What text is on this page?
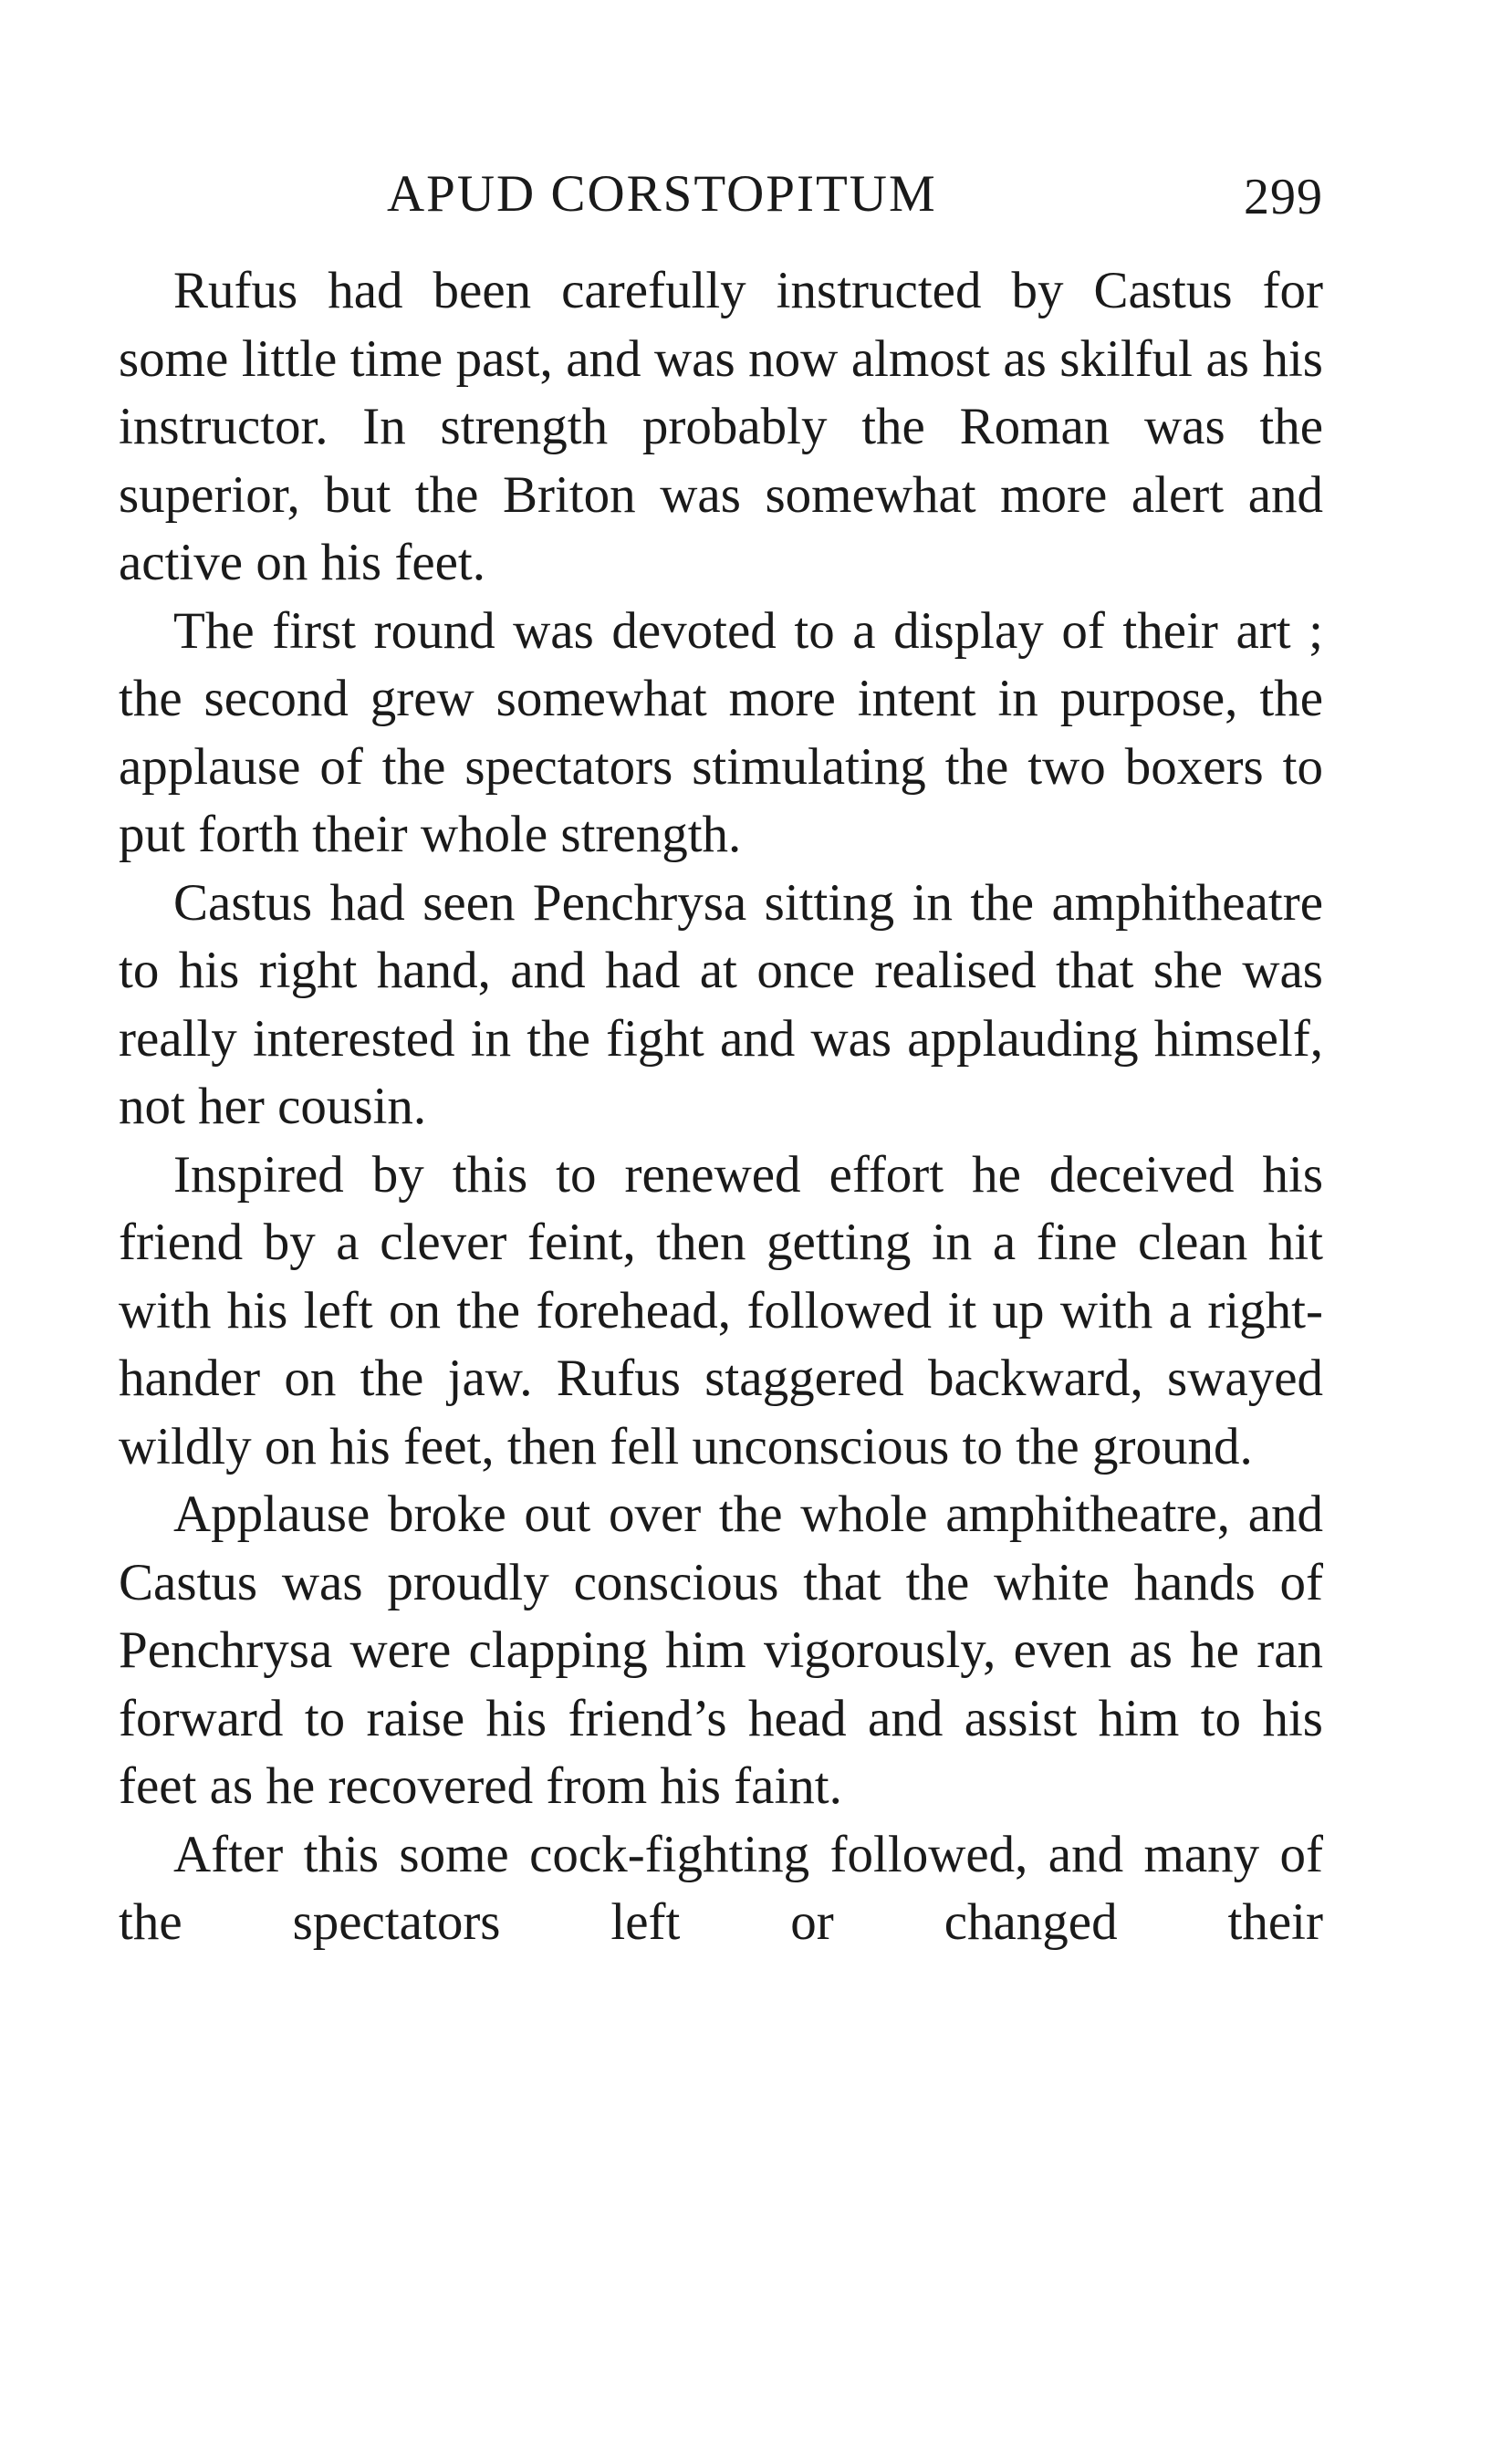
APUD CORSTOPITUM	299

Rufus had been carefully instructed by Castus for some little time past, and was now almost as skilful as his instructor. In strength probably the Roman was the superior, but the Briton was somewhat more alert and active on his feet.

The first round was devoted to a display of their art ; the second grew somewhat more intent in purpose, the applause of the spectators stimulating the two boxers to put forth their whole strength.

Castus had seen Penchrysa sitting in the amphitheatre to his right hand, and had at once realised that she was really interested in the fight and was applauding himself, not her cousin.

Inspired by this to renewed effort he deceived his friend by a clever feint, then getting in a fine clean hit with his left on the forehead, followed it up with a right-hander on the jaw. Rufus staggered backward, swayed wildly on his feet, then fell unconscious to the ground.

Applause broke out over the whole amphitheatre, and Castus was proudly conscious that the white hands of Penchrysa were clapping him vigorously, even as he ran forward to raise his friend’s head and assist him to his feet as he recovered from his faint.

After this some cock-fighting followed, and many of the spectators left or changed their
